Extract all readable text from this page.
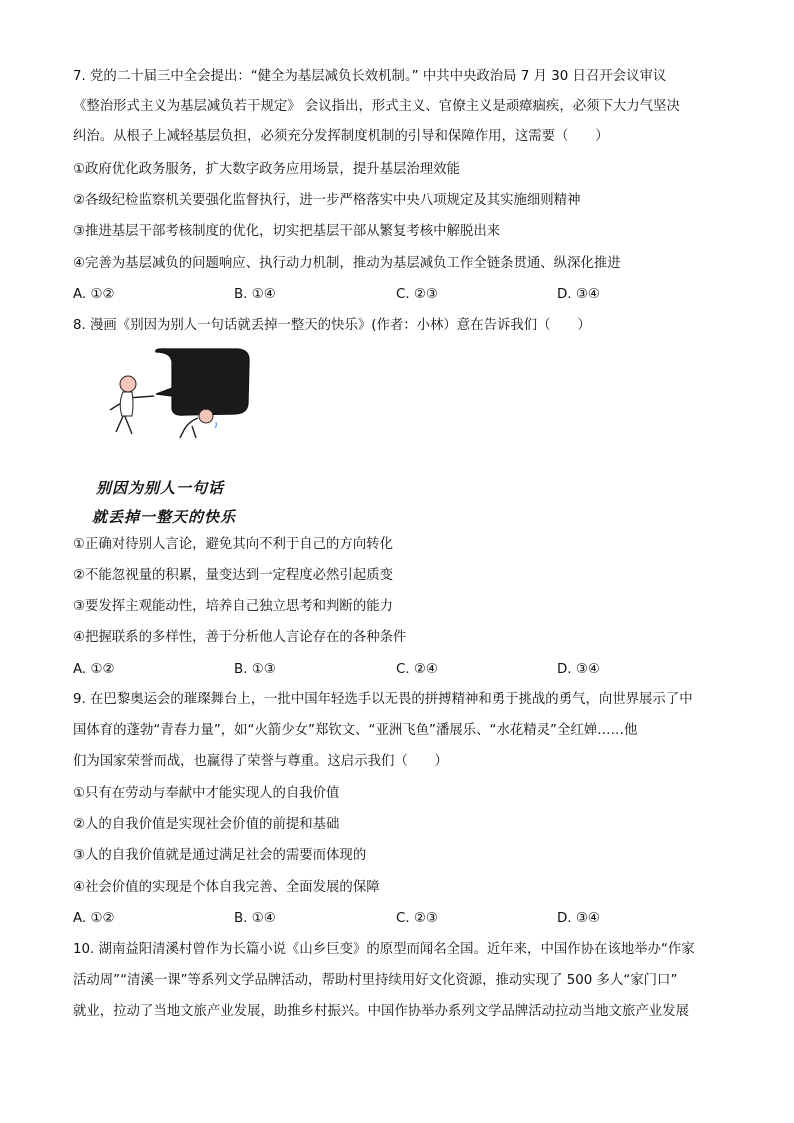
7. 党的二十届三中全会提出：“健全为基层减负长效机制。” 中共中央政治局 7 月 30 日召开会议审议
《整治形式主义为基层减负若干规定》 会议指出，形式主义、官僚主义是顽瘴痼疾，必须下大力气坚决
纠治。从根子上减轻基层负担，必须充分发挥制度机制的引导和保障作用，这需要（　　）
①政府优化政务服务，扩大数字政务应用场景，提升基层治理效能
②各级纪检监察机关要强化监督执行，进一步严格落实中央八项规定及其实施细则精神
③推进基层干部考核制度的优化，切实把基层干部从繁复考核中解脱出来
④完善为基层减负的问题响应、执行动力机制，推动为基层减负工作全链条贯通、纵深化推进
A. ①②	B. ①④	C. ②③	D. ③④
8. 漫画《别因为别人一句话就丢掉一整天的快乐》(作者：小林）意在告诉我们（　　）
别因为别人一句话
就丢掉一整天的快乐
①正确对待别人言论，避免其向不利于自己的方向转化
②不能忽视量的积累，量变达到一定程度必然引起质变
③要发挥主观能动性，培养自己独立思考和判断的能力
④把握联系的多样性，善于分析他人言论存在的各种条件
A. ①②	B. ①③	C. ②④	D. ③④
9. 在巴黎奥运会的璀璨舞台上，一批中国年轻选手以无畏的拼搏精神和勇于挑战的勇气，向世界展示了中
国体育的蓬勃“青春力量”，如“火箭少女”郑钦文、“亚洲飞鱼”潘展乐、“水花精灵”全红婵……他
们为国家荣誉而战，也赢得了荣誉与尊重。这启示我们（　　）
①只有在劳动与奉献中才能实现人的自我价值
②人的自我价值是实现社会价值的前提和基础
③人的自我价值就是通过满足社会的需要而体现的
④社会价值的实现是个体自我完善、全面发展的保障
A. ①②	B. ①④	C. ②③	D. ③④
10. 湖南益阳清溪村曾作为长篇小说《山乡巨变》的原型而闻名全国。近年来，中国作协在该地举办“作家
活动周”“清溪一课”等系列文学品牌活动，帮助村里持续用好文化资源，推动实现了 500 多人“家门口”
就业，拉动了当地文旅产业发展，助推乡村振兴。中国作协举办系列文学品牌活动拉动当地文旅产业发展
